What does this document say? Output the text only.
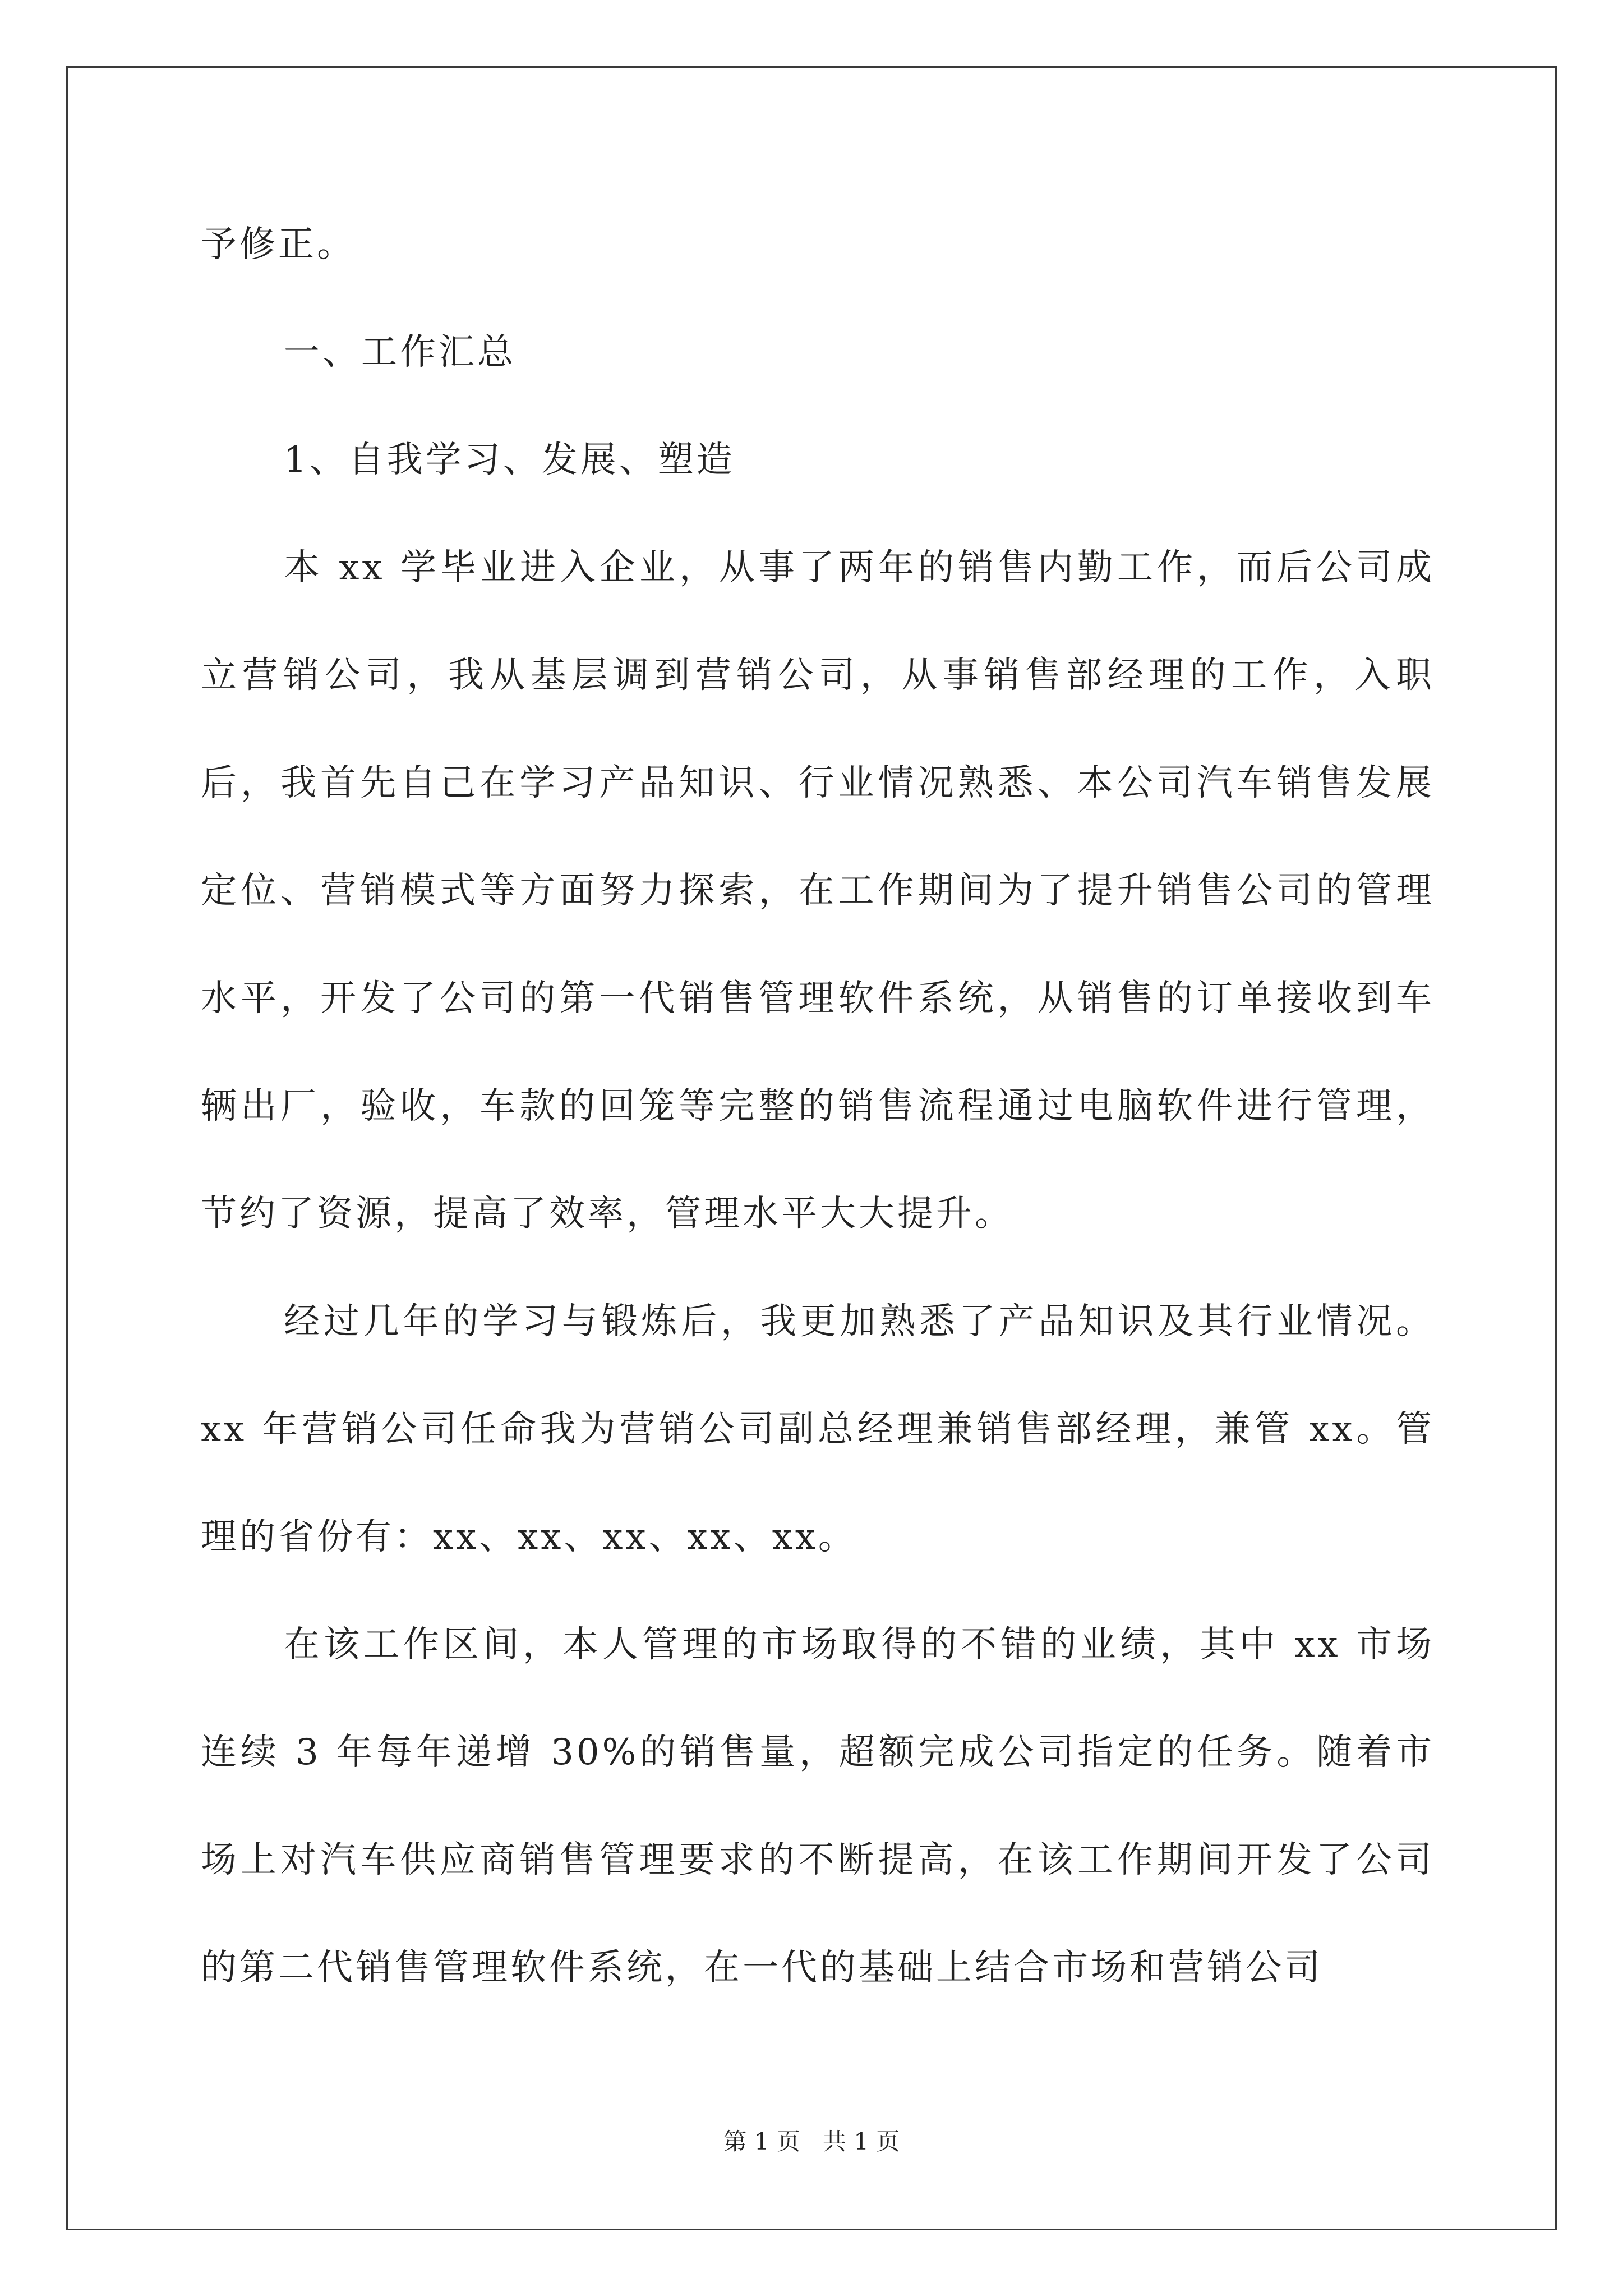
予修正。

一、工作汇总

1、自我学习、发展、塑造

本 xx 学毕业进入企业，从事了两年的销售内勤工作，而后公司成立营销公司，我从基层调到营销公司，从事销售部经理的工作，入职后，我首先自己在学习产品知识、行业情况熟悉、本公司汽车销售发展定位、营销模式等方面努力探索，在工作期间为了提升销售公司的管理水平，开发了公司的第一代销售管理软件系统，从销售的订单接收到车辆出厂，验收，车款的回笼等完整的销售流程通过电脑软件进行管理，节约了资源，提高了效率，管理水平大大提升。

经过几年的学习与锻炼后，我更加熟悉了产品知识及其行业情况。xx 年营销公司任命我为营销公司副总经理兼销售部经理，兼管 xx。管理的省份有：xx、xx、xx、xx、xx。

在该工作区间，本人管理的市场取得的不错的业绩，其中 xx 市场连续 3 年每年递增 30%的销售量，超额完成公司指定的任务。随着市场上对汽车供应商销售管理要求的不断提高，在该工作期间开发了公司的第二代销售管理软件系统，在一代的基础上结合市场和营销公司

第 1 页 共 1 页
